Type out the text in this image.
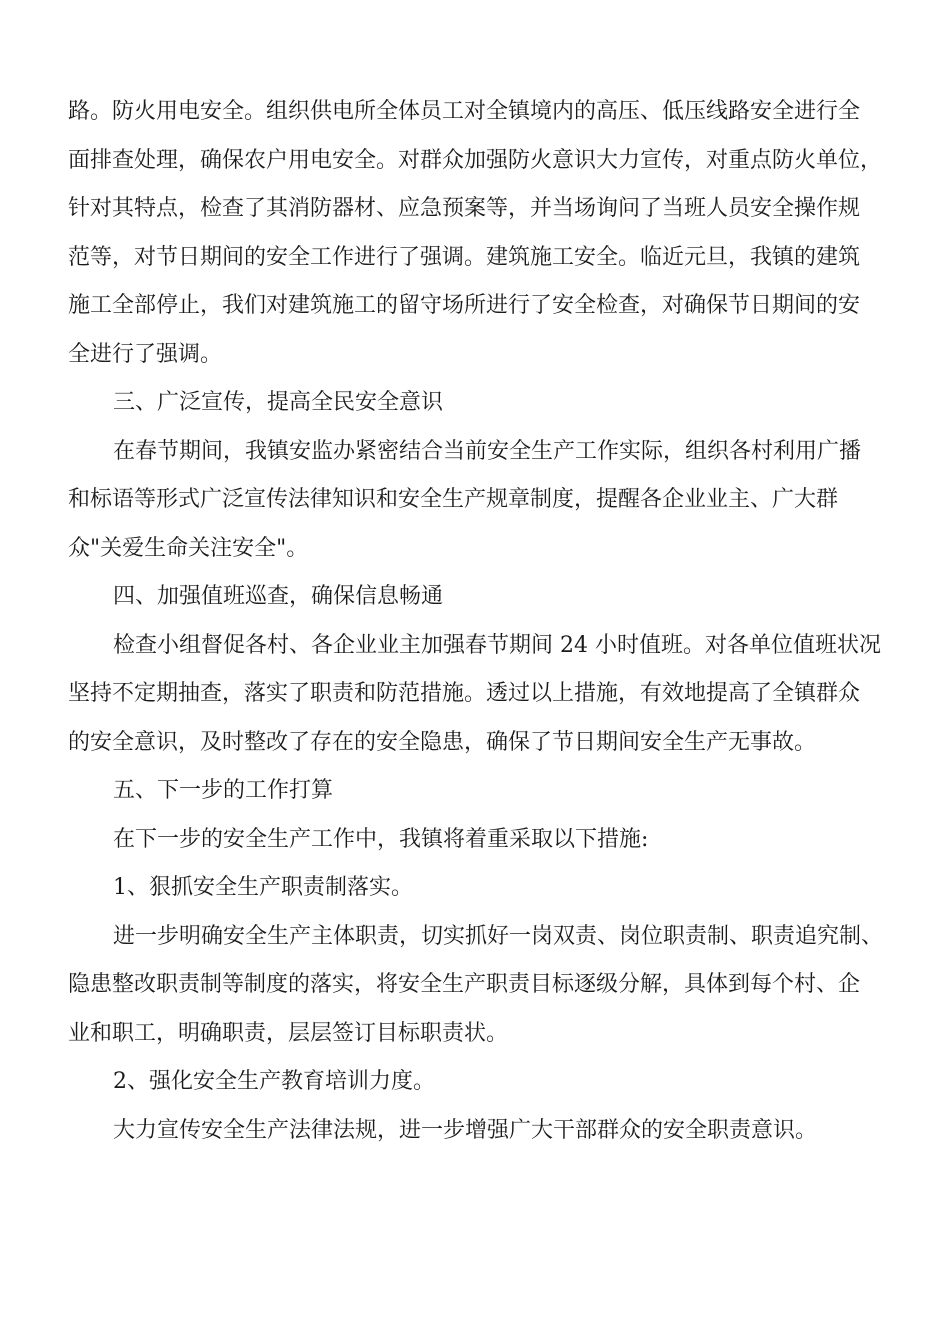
路。防火用电安全。组织供电所全体员工对全镇境内的高压、低压线路安全进行全
面排查处理，确保农户用电安全。对群众加强防火意识大力宣传，对重点防火单位，
针对其特点，检查了其消防器材、应急预案等，并当场询问了当班人员安全操作规
范等，对节日期间的安全工作进行了强调。建筑施工安全。临近元旦，我镇的建筑
施工全部停止，我们对建筑施工的留守场所进行了安全检查，对确保节日期间的安
全进行了强调。
三、广泛宣传，提高全民安全意识
在春节期间，我镇安监办紧密结合当前安全生产工作实际，组织各村利用广播
和标语等形式广泛宣传法律知识和安全生产规章制度，提醒各企业业主、广大群
众"关爱生命关注安全"。
四、加强值班巡查，确保信息畅通
检查小组督促各村、各企业业主加强春节期间 24 小时值班。对各单位值班状况
坚持不定期抽查，落实了职责和防范措施。透过以上措施，有效地提高了全镇群众
的安全意识，及时整改了存在的安全隐患，确保了节日期间安全生产无事故。
五、下一步的工作打算
在下一步的安全生产工作中，我镇将着重采取以下措施:
1、狠抓安全生产职责制落实。
进一步明确安全生产主体职责，切实抓好一岗双责、岗位职责制、职责追究制、
隐患整改职责制等制度的落实，将安全生产职责目标逐级分解，具体到每个村、企
业和职工，明确职责，层层签订目标职责状。
2、强化安全生产教育培训力度。
大力宣传安全生产法律法规，进一步增强广大干部群众的安全职责意识。
